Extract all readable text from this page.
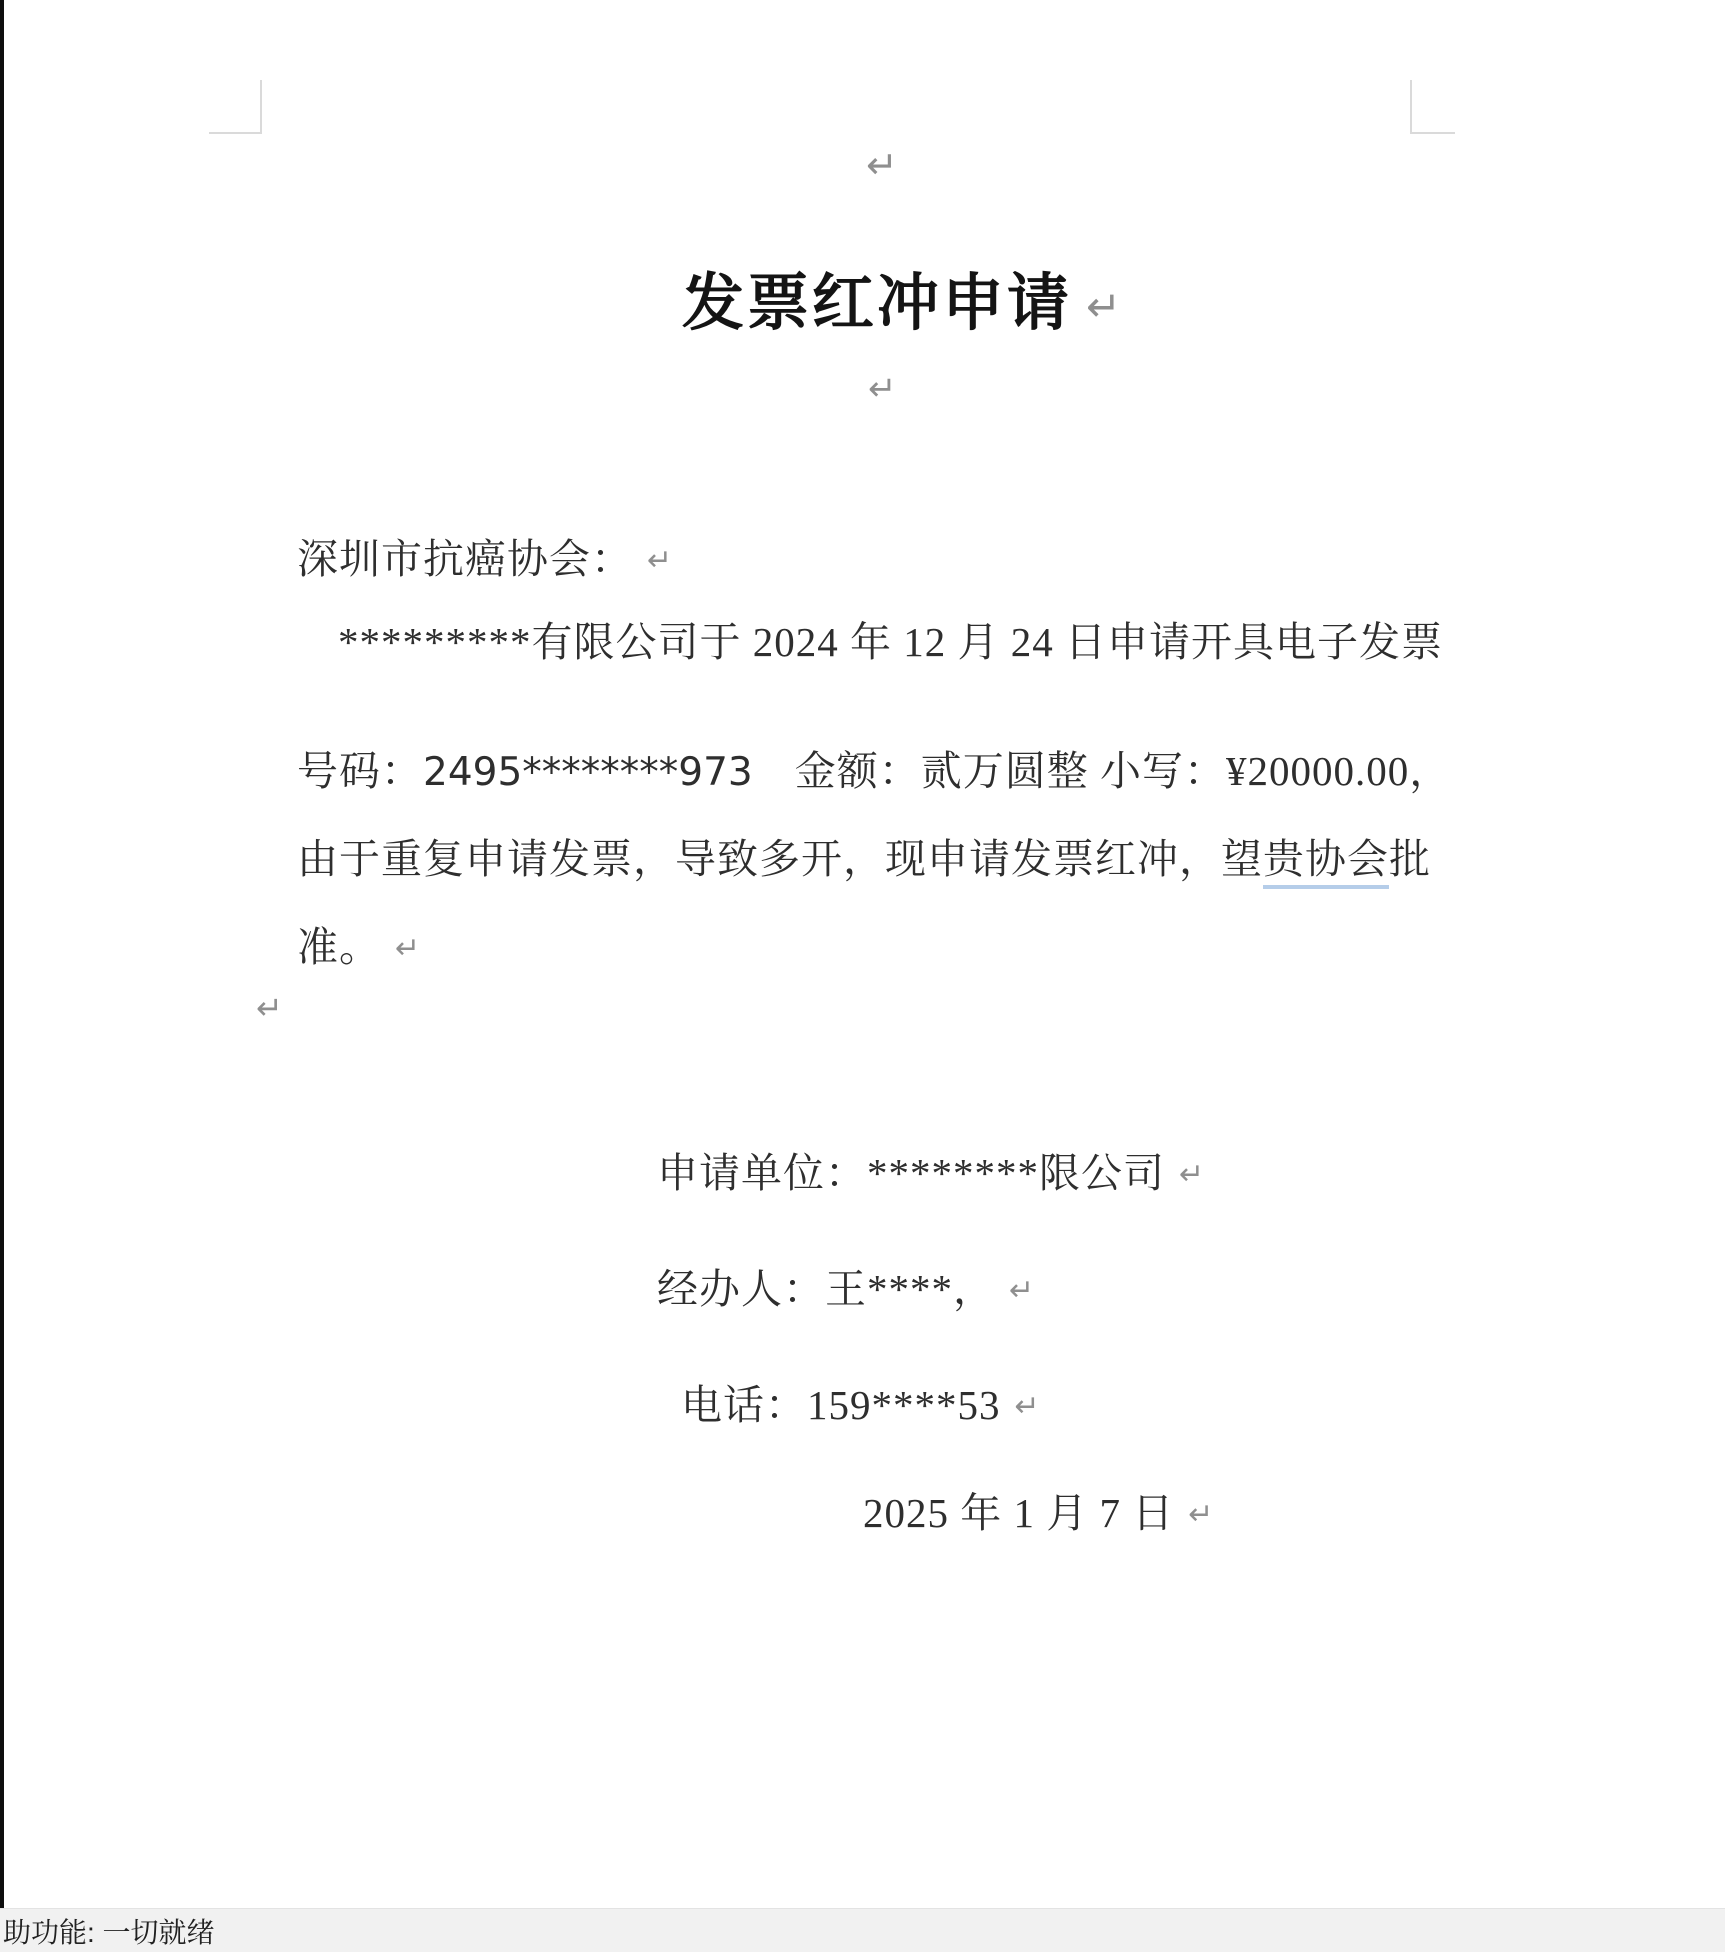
↵

发票红冲申请 ↵

↵

深圳市抗癌协会： ↵

*********有限公司于 2024 年 12 月 24 日申请开具电子发票

号码：2495********973　金额：贰万圆整 小写：¥20000.00，

由于重复申请发票，导致多开，现申请发票红冲，望贵协会批

准。 ↵

↵

申请单位：********限公司 ↵

经办人：王****， ↵

电话：159****53 ↵

2025 年 1 月 7 日 ↵

助功能: 一切就绪
